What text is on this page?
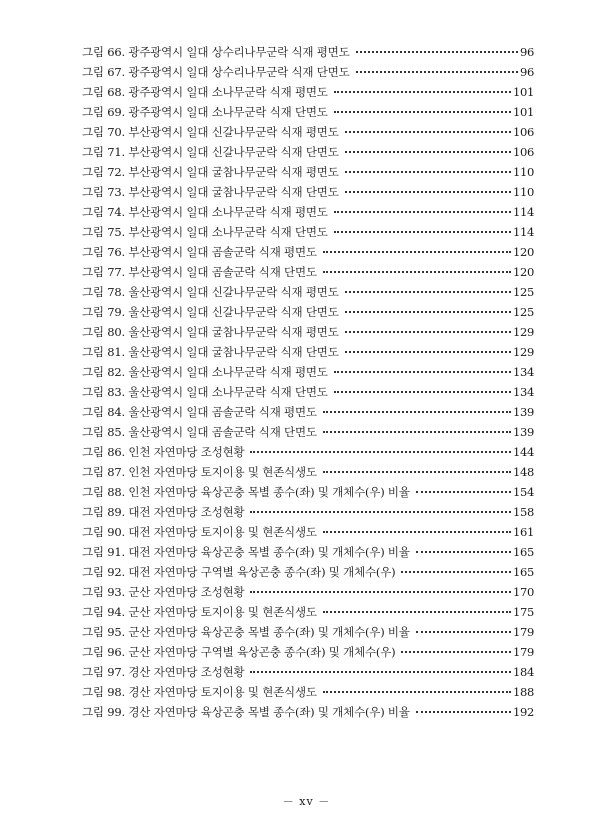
그림 66. 광주광역시 일대 상수리나무군락 식재 평면도	96
그림 67. 광주광역시 일대 상수리나무군락 식재 단면도	96
그림 68. 광주광역시 일대 소나무군락 식재 평면도	101
그림 69. 광주광역시 일대 소나무군락 식재 단면도	101
그림 70. 부산광역시 일대 신갈나무군락 식재 평면도	106
그림 71. 부산광역시 일대 신갈나무군락 식재 단면도	106
그림 72. 부산광역시 일대 굴참나무군락 식재 평면도	110
그림 73. 부산광역시 일대 굴참나무군락 식재 단면도	110
그림 74. 부산광역시 일대 소나무군락 식재 평면도	114
그림 75. 부산광역시 일대 소나무군락 식재 단면도	114
그림 76. 부산광역시 일대 곰솔군락 식재 평면도	120
그림 77. 부산광역시 일대 곰솔군락 식재 단면도	120
그림 78. 울산광역시 일대 신갈나무군락 식재 평면도	125
그림 79. 울산광역시 일대 신갈나무군락 식재 단면도	125
그림 80. 울산광역시 일대 굴참나무군락 식재 평면도	129
그림 81. 울산광역시 일대 굴참나무군락 식재 단면도	129
그림 82. 울산광역시 일대 소나무군락 식재 평면도	134
그림 83. 울산광역시 일대 소나무군락 식재 단면도	134
그림 84. 울산광역시 일대 곰솔군락 식재 평면도	139
그림 85. 울산광역시 일대 곰솔군락 식재 단면도	139
그림 86. 인천 자연마당 조성현황	144
그림 87. 인천 자연마당 토지이용 및 현존식생도	148
그림 88. 인천 자연마당 육상곤충 목별 종수(좌) 및 개체수(우) 비율	154
그림 89. 대전 자연마당 조성현황	158
그림 90. 대전 자연마당 토지이용 및 현존식생도	161
그림 91. 대전 자연마당 육상곤충 목별 종수(좌) 및 개체수(우) 비율	165
그림 92. 대전 자연마당 구역별 육상곤충 종수(좌) 및 개체수(우)	165
그림 93. 군산 자연마당 조성현황	170
그림 94. 군산 자연마당 토지이용 및 현존식생도	175
그림 95. 군산 자연마당 육상곤충 목별 종수(좌) 및 개체수(우) 비율	179
그림 96. 군산 자연마당 구역별 육상곤충 종수(좌) 및 개체수(우)	179
그림 97. 경산 자연마당 조성현황	184
그림 98. 경산 자연마당 토지이용 및 현존식생도	188
그림 99. 경산 자연마당 육상곤충 목별 종수(좌) 및 개체수(우) 비율	192
－ xv －
